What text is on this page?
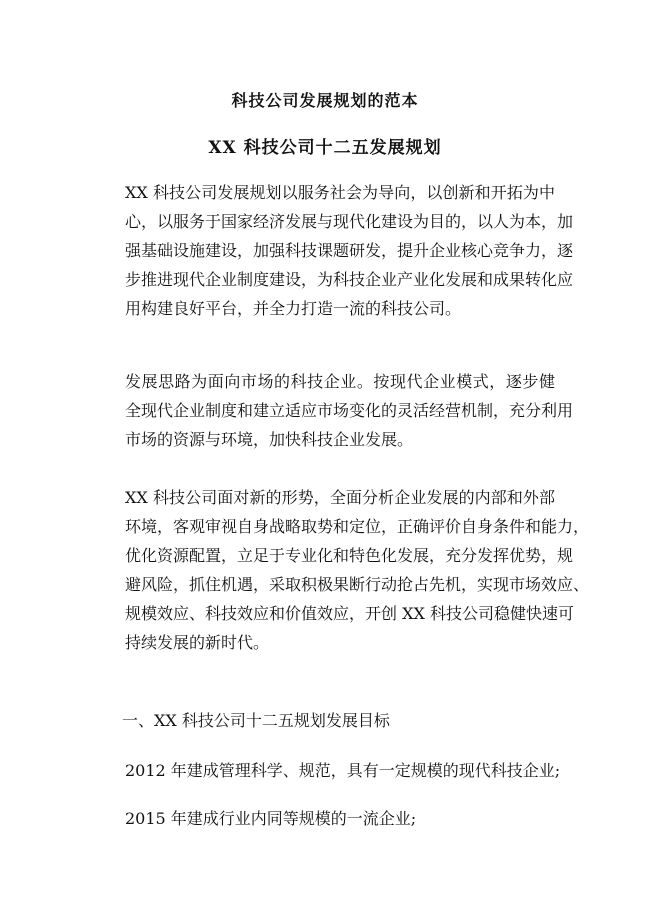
科技公司发展规划的范本
XX 科技公司十二五发展规划
XX 科技公司发展规划以服务社会为导向，以创新和开拓为中
心，以服务于国家经济发展与现代化建设为目的，以人为本，加
强基础设施建设，加强科技课题研发，提升企业核心竞争力，逐
步推进现代企业制度建设，为科技企业产业化发展和成果转化应
用构建良好平台，并全力打造一流的科技公司。
发展思路为面向市场的科技企业。按现代企业模式，逐步健
全现代企业制度和建立适应市场变化的灵活经营机制，充分利用
市场的资源与环境，加快科技企业发展。
XX 科技公司面对新的形势，全面分析企业发展的内部和外部
环境，客观审视自身战略取势和定位，正确评价自身条件和能力，
优化资源配置，立足于专业化和特色化发展，充分发挥优势，规
避风险，抓住机遇，采取积极果断行动抢占先机，实现市场效应、
规模效应、科技效应和价值效应，开创 XX 科技公司稳健快速可
持续发展的新时代。
一、XX 科技公司十二五规划发展目标
2012 年建成管理科学、规范，具有一定规模的现代科技企业;
2015 年建成行业内同等规模的一流企业;
